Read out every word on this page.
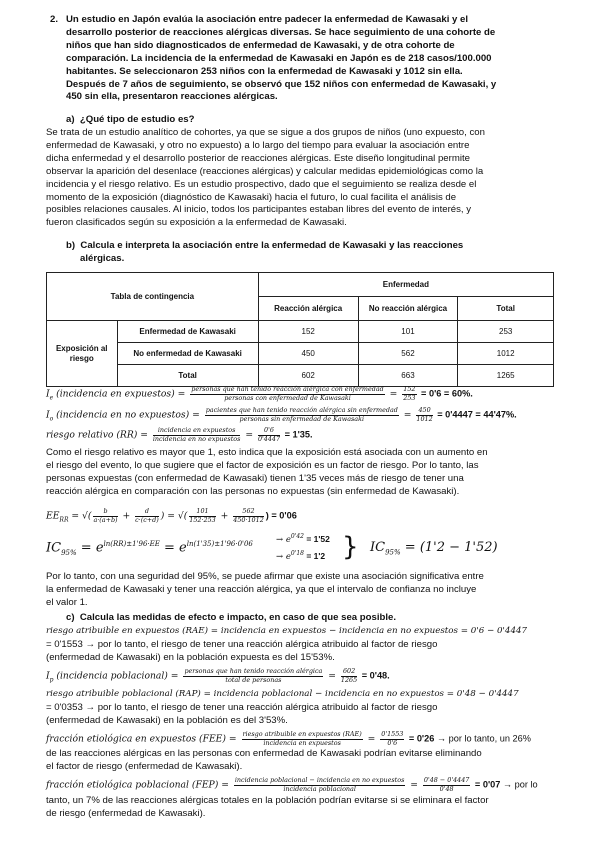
2. Un estudio en Japón evalúa la asociación entre padecer la enfermedad de Kawasaki y el
desarrollo posterior de reacciones alérgicas diversas. Se hace seguimiento de una cohorte de
niños que han sido diagnosticados de enfermedad de Kawasaki, y de otra cohorte de
comparación. La incidencia de la enfermedad de Kawasaki en Japón es de 218 casos/100.000
habitantes. Se seleccionaron 253 niños con la enfermedad de Kawasaki y 1012 sin ella.
Después de 7 años de seguimiento, se observó que 152 niños con enfermedad de Kawasaki, y
450 sin ella, presentaron reacciones alérgicas.
a) ¿Qué tipo de estudio es?
Se trata de un estudio analítico de cohortes, ya que se sigue a dos grupos de niños (uno expuesto, con
enfermedad de Kawasaki, y otro no expuesto) a lo largo del tiempo para evaluar la asociación entre
dicha enfermedad y el desarrollo posterior de reacciones alérgicas. Este diseño longitudinal permite
observar la aparición del desenlace (reacciones alérgicas) y calcular medidas epidemiológicas como la
incidencia y el riesgo relativo. Es un estudio prospectivo, dado que el seguimiento se realiza desde el
momento de la exposición (diagnóstico de Kawasaki) hacia el futuro, lo cual facilita el análisis de
posibles relaciones causales. Al inicio, todos los participantes estaban libres del evento de interés, y
fueron clasificados según su exposición a la enfermedad de Kawasaki.
b) Calcula e interpreta la asociación entre la enfermedad de Kawasaki y las reacciones
alérgicas.
Tabla de contingencia		Enfermedad		
		Reacción alérgica	No reacción alérgica	Total
Exposición al riesgo	Enfermedad de Kawasaki	152	101	253
	No enfermedad de Kawasaki	450	562	1012
	Total	602	663	1265
$I_e$ (incidencia en expuestos) = $\frac{\text{personas que han tenido reacción alérgica con enfermedad}}{\text{personas con enfermedad de Kawasaki}} = \frac{152}{253} = 0'6 = 60\%$.
$I_o$ (incidencia en no expuestos) = $\frac{\text{pacientes que han tenido reacción alérgica sin enfermedad}}{\text{personas sin enfermedad de Kawasaki}} = \frac{450}{1012} = 0'4447 = 44'47\%$.
riesgo relativo $(RR) = \frac{\text{incidencia en expuestos}}{\text{incidencia en no expuestos}} = \frac{0'6}{0'4447} = 1'35$.
Como el riesgo relativo es mayor que 1, esto indica que la exposición está asociada con un aumento en
el riesgo del evento, lo que sugiere que el factor de exposición es un factor de riesgo. Por lo tanto, las
personas expuestas (con enfermedad de Kawasaki) tienen 1'35 veces más de riesgo de tener una
reacción alérgica en comparación con las personas no expuestas (sin enfermedad de Kawasaki).
$EE_{RR}$ = √( $\frac{b}{a\cdot(a+b)} + \frac{d}{c\cdot(c+d)}$ ) = √( $\frac{101}{152\cdot 253} + \frac{562}{450\cdot 1012}$ ) = 0'06
$IC_{95\%} = e^{ln(RR)\pm 1'96\cdot EE} = e^{ln(1'35)\pm 1'96\cdot 0'06}$	→ $e^{0'42} = 1'52$
→ $e^{0'18} = 1'2$ } $IC_{95\%} = (1'2 - 1'52)$
Por lo tanto, con una seguridad del 95%, se puede afirmar que existe una asociación significativa entre
la enfermedad de Kawasaki y tener una reacción alérgica, ya que el intervalo de confianza no incluye
el valor 1.
c) Calcula las medidas de efecto e impacto, en caso de que sea posible.
riesgo atribuible en expuestos (RAE) = incidencia en expuestos − incidencia en no expuestos = 0'6 − 0'4447
= 0'1553 → por lo tanto, el riesgo de tener una reacción alérgica atribuido al factor de riesgo
(enfermedad de Kawasaki) en la población expuesta es del 15'53%.
$I_p$ (incidencia poblacional) = $\frac{\text{personas que han tenido reacción alérgica}}{\text{total de personas}} = \frac{602}{1265} = 0'48$.
riesgo atribuible poblacional (RAP) = incidencia poblacional − incidencia en no expuestos = 0'48 − 0'4447
= 0'0353 → por lo tanto, el riesgo de tener una reacción alérgica atribuido al factor de riesgo
(enfermedad de Kawasaki) en la población es del 3'53%.
fracción etiológica en expuestos $(FEE) = \frac{\text{riesgo atribuible en expuestos (RAE)}}{\text{incidencia en expuestos}} = \frac{0'1553}{0'6} = 0'26$ → por lo tanto, un 26%
de las reacciones alérgicas en las personas con enfermedad de Kawasaki podrían evitarse eliminando
el factor de riesgo (enfermedad de Kawasaki).
fracción etiológica poblacional $(FEP) = \frac{\text{incidencia poblacional − incidencia en no expuestos}}{\text{incidencia poblacional}} = \frac{0'48 - 0'4447}{0'48} = 0'07$ → por lo
tanto, un 7% de las reacciones alérgicas totales en la población podrían evitarse si se eliminara el factor
de riesgo (enfermedad de Kawasaki).
